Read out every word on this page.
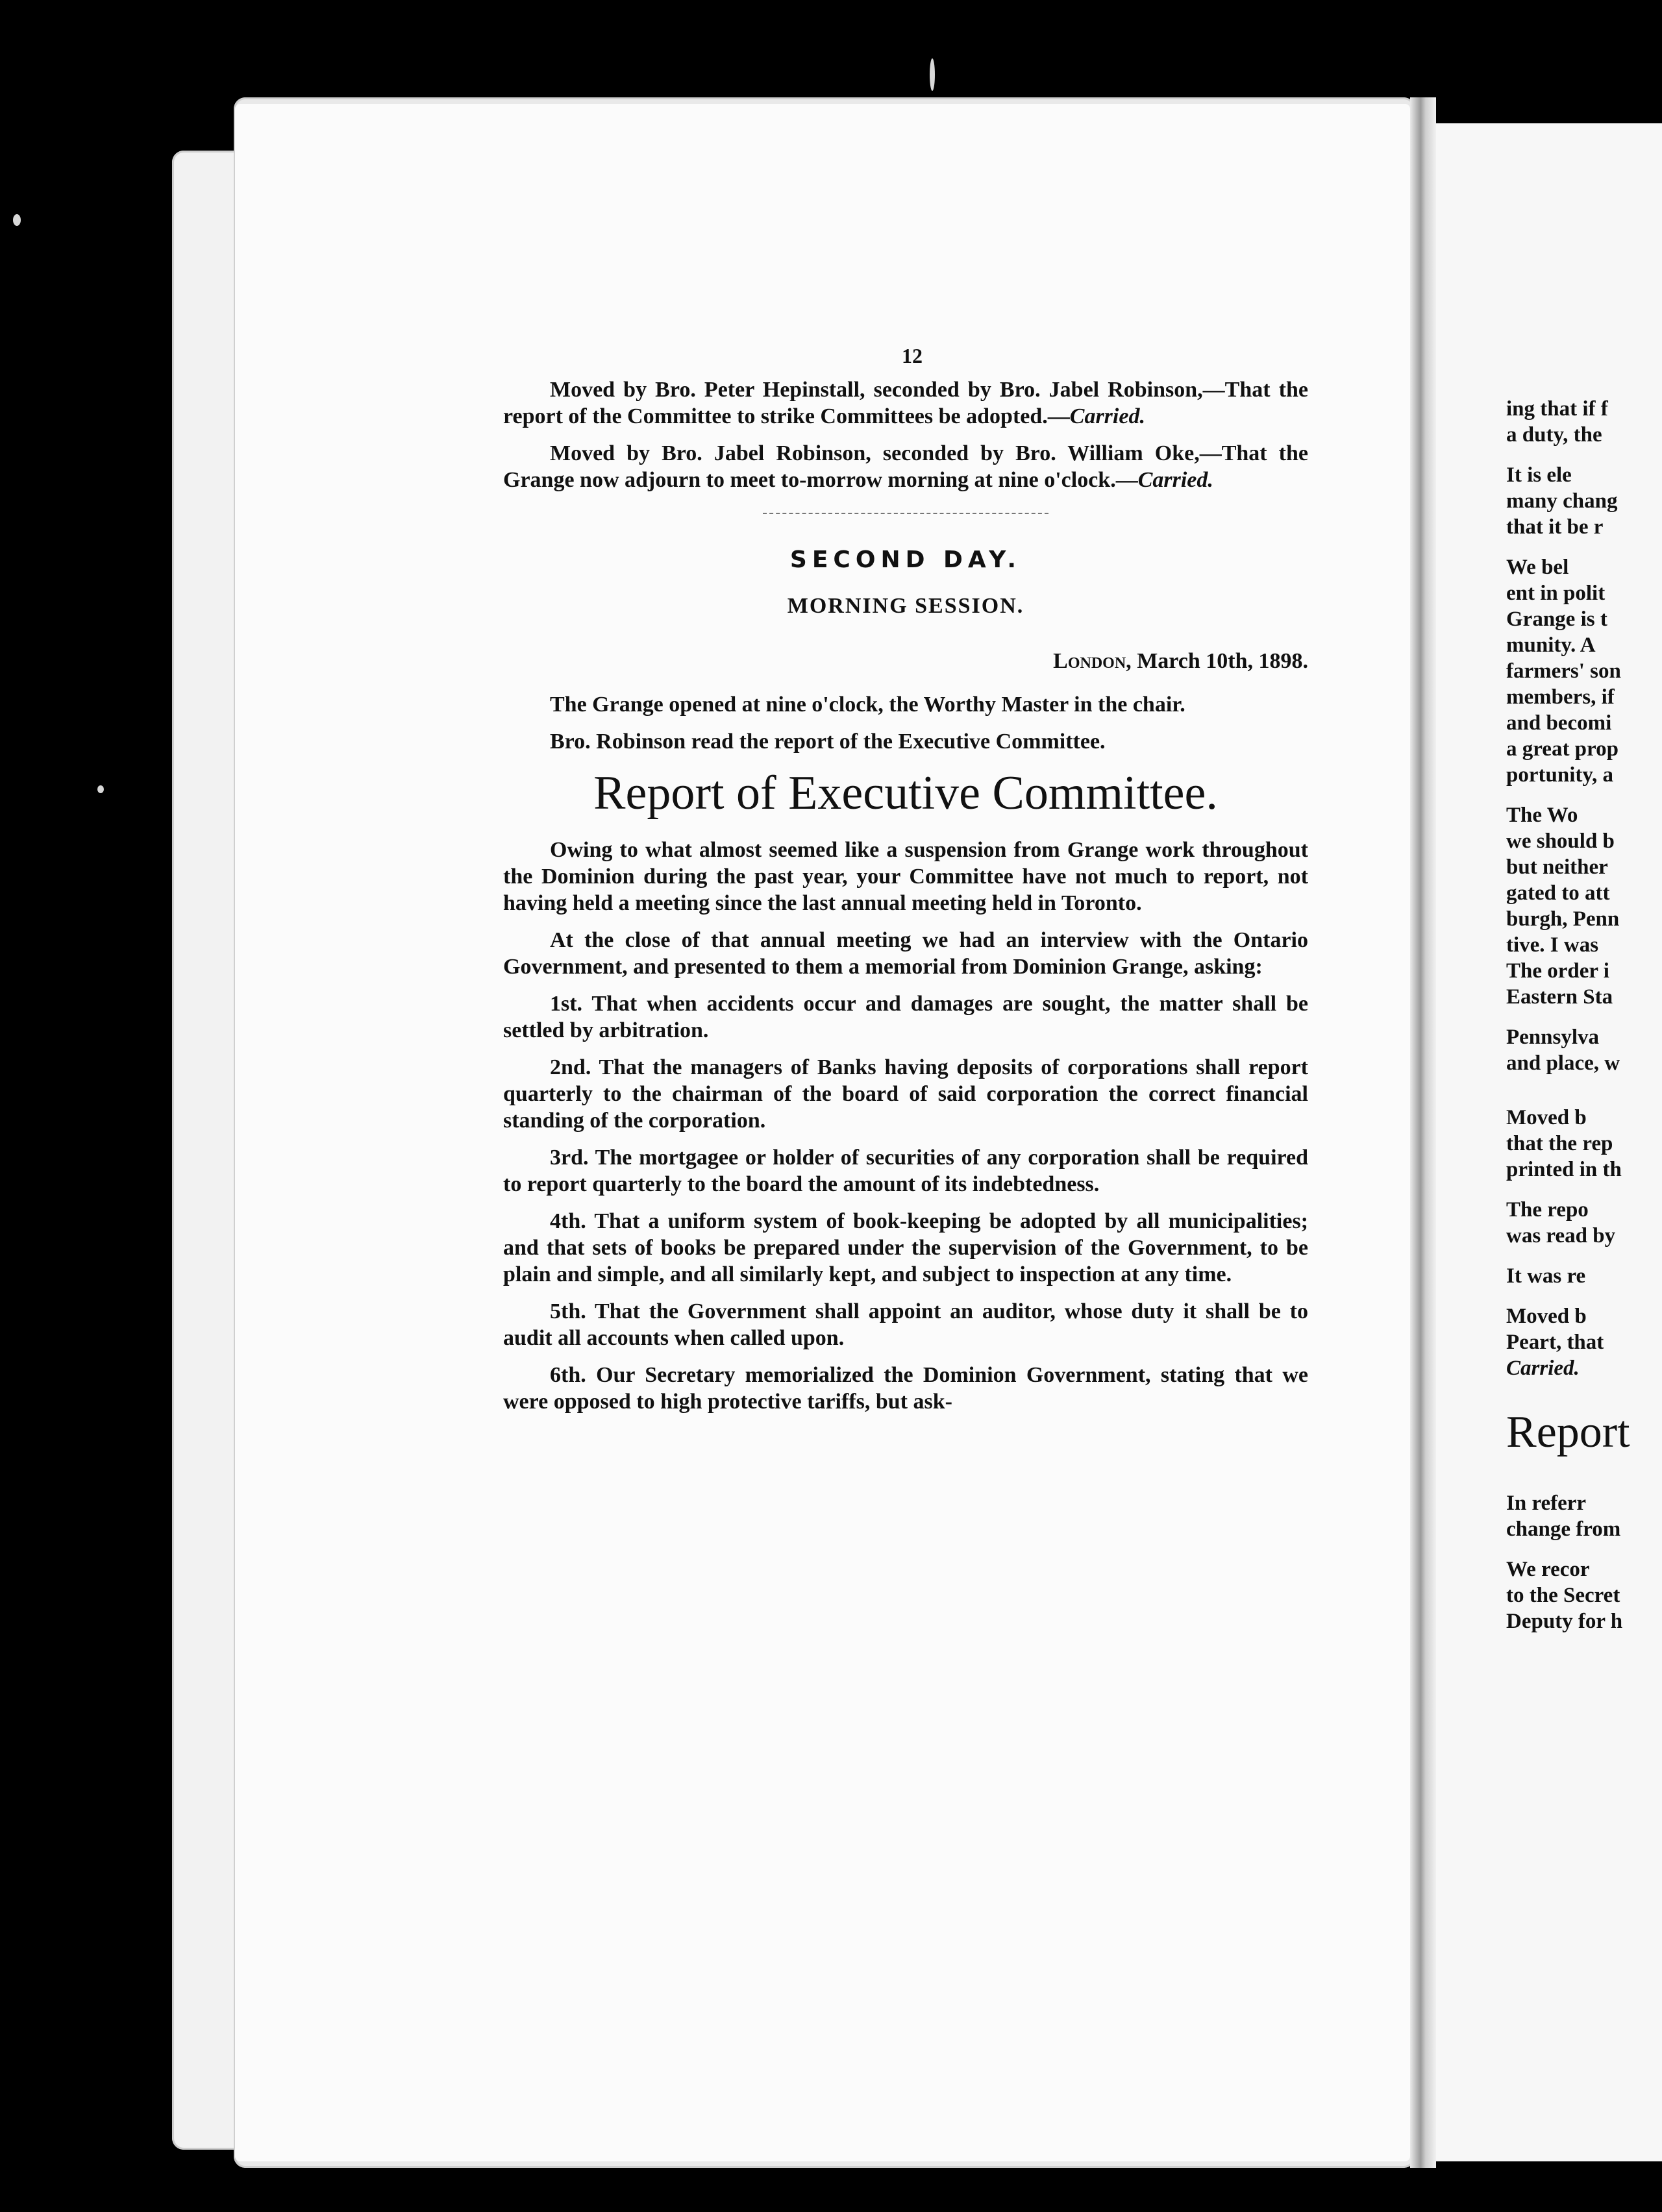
12

Moved by Bro. Peter Hepinstall, seconded by Bro. Jabel Robinson,—That the report of the Committee to strike Committees be adopted.—Carried.

Moved by Bro. Jabel Robinson, seconded by Bro. William Oke,—That the Grange now adjourn to meet to-morrow morning at nine o'clock.—Carried.

SECOND DAY.
MORNING SESSION.
London, March 10th, 1898.

The Grange opened at nine o'clock, the Worthy Master in the chair.

Bro. Robinson read the report of the Executive Committee.

Report of Executive Committee.

Owing to what almost seemed like a suspension from Grange work throughout the Dominion during the past year, your Committee have not much to report, not having held a meeting since the last annual meeting held in Toronto.

At the close of that annual meeting we had an interview with the Ontario Government, and presented to them a memorial from Dominion Grange, asking:

1st. That when accidents occur and damages are sought, the matter shall be settled by arbitration.

2nd. That the managers of Banks having deposits of corporations shall report quarterly to the chairman of the board of said corporation the correct financial standing of the corporation.

3rd. The mortgagee or holder of securities of any corporation shall be required to report quarterly to the board the amount of its indebtedness.

4th. That a uniform system of book-keeping be adopted by all municipalities; and that sets of books be prepared under the supervision of the Government, to be plain and simple, and all similarly kept, and subject to inspection at any time.

5th. That the Government shall appoint an auditor, whose duty it shall be to audit all accounts when called upon.

6th. Our Secretary memorialized the Dominion Government, stating that we were opposed to high protective tariffs, but ask-

ing that if f
a duty, the
It is ele
many chang
that it be r
We bel
ent in polit
Grange is t
munity. A
farmers' son
members, if
and becomi
a great prop
portunity, a
The Wo
we should b
but neither
gated to att
burgh, Penn
tive. I was
The order i
Eastern Sta
Pennsylva
and place, w
Moved b
that the rep
printed in th
The repo
was read by
It was re
Moved b
Peart, that
Carried.
Report
In referr
change from
We recor
to the Secret
Deputy for h
